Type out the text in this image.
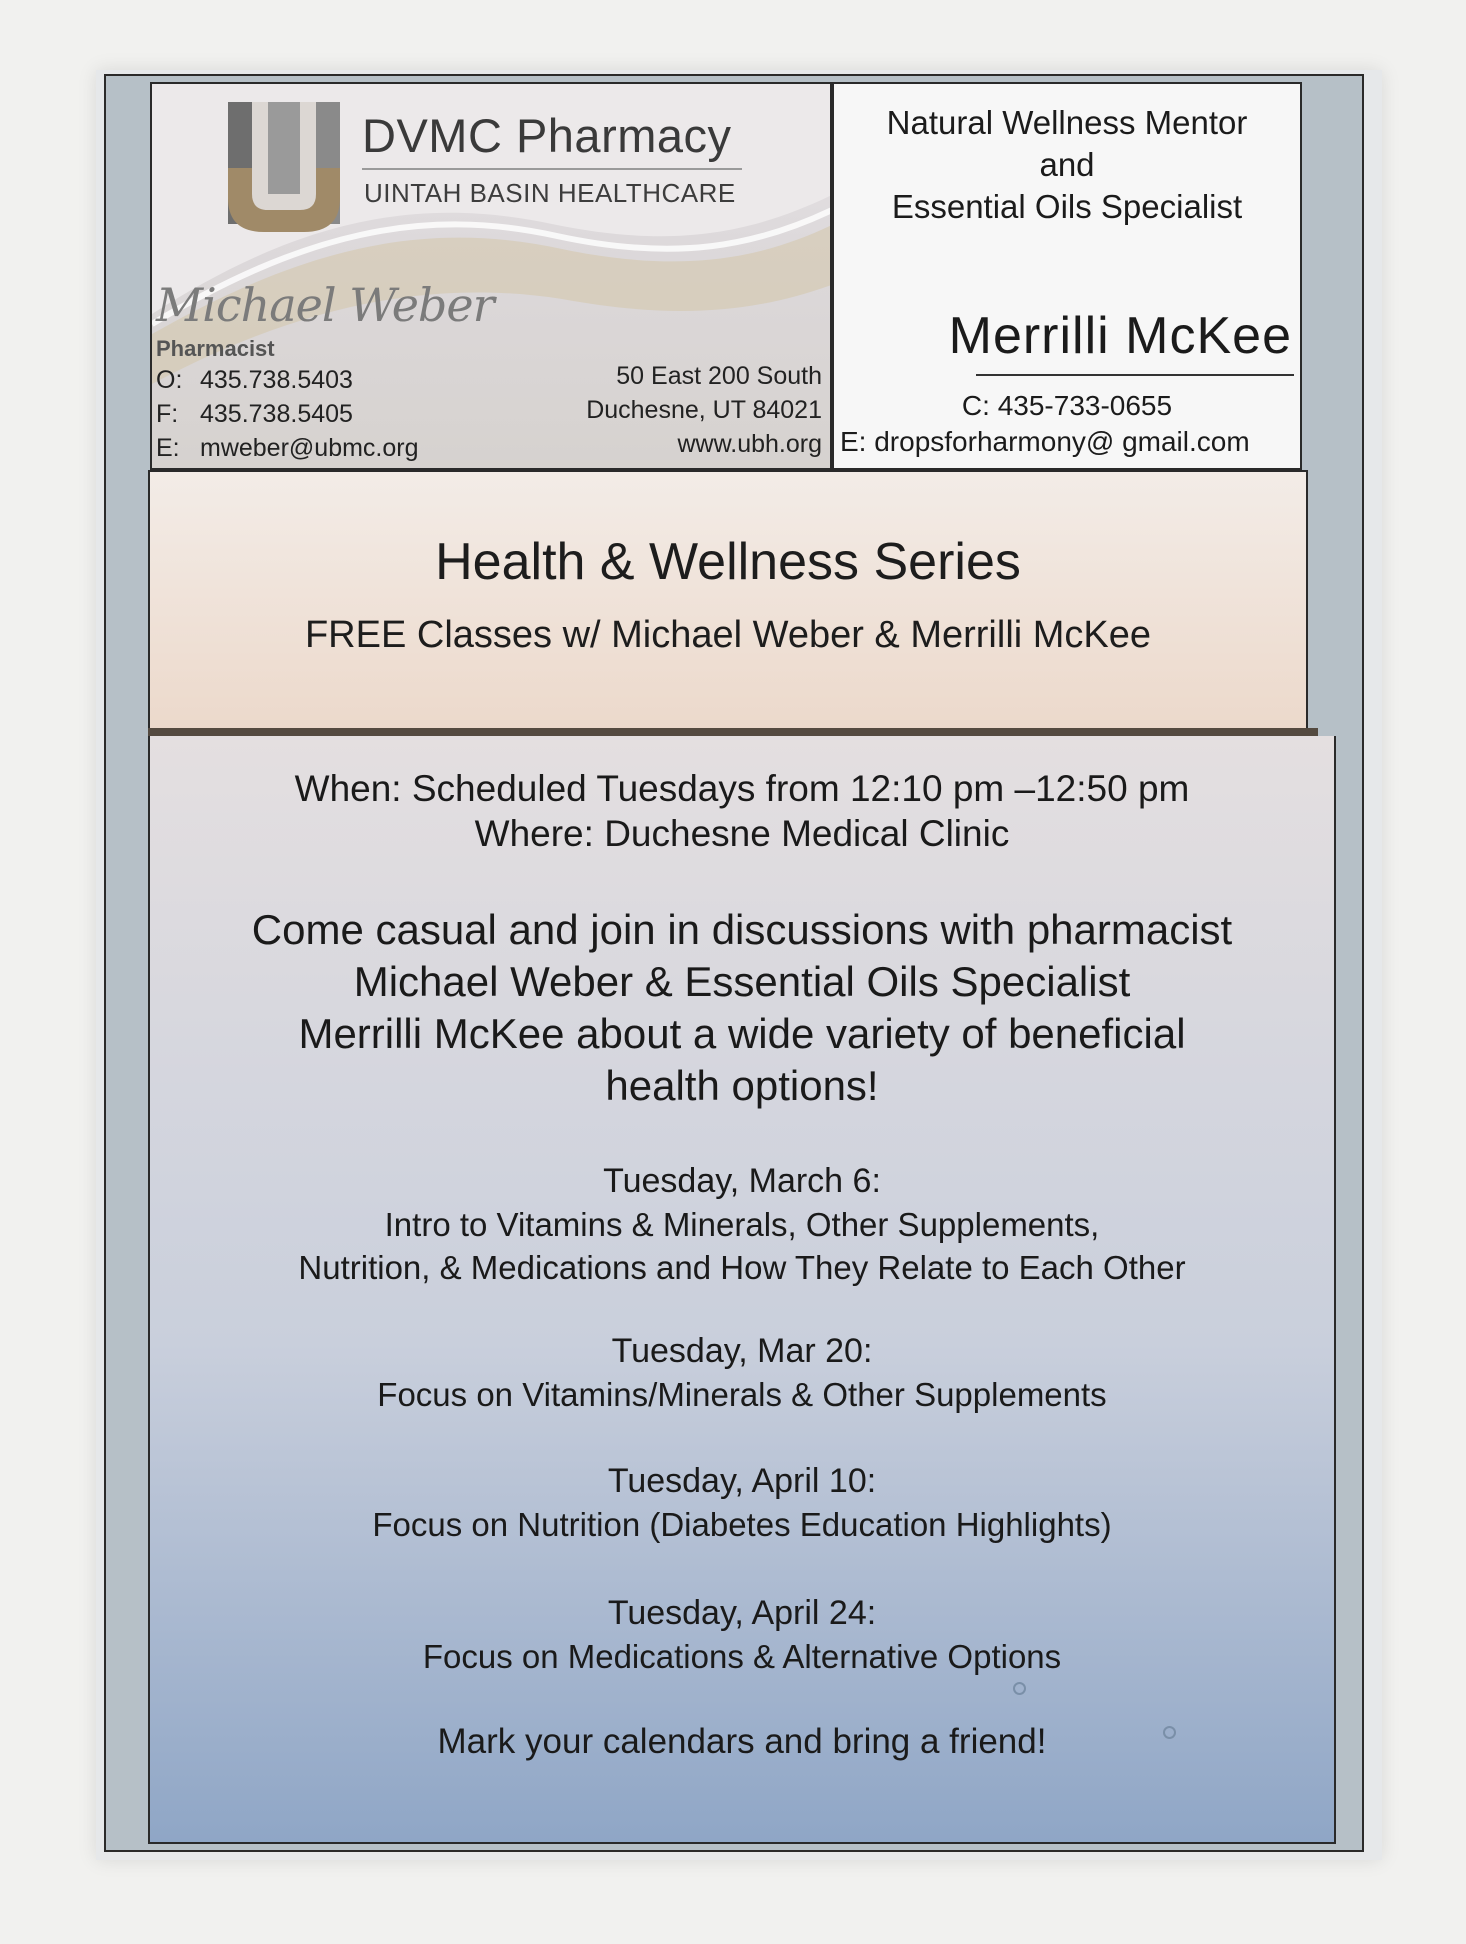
DVMC Pharmacy
UINTAH BASIN HEALTHCARE
Michael Weber
Pharmacist
O: 435.738.5403
F: 435.738.5405
E: mweber@ubmc.org
50 East 200 South
Duchesne, UT 84021
www.ubh.org
Natural Wellness Mentor
and
Essential Oils Specialist
Merrilli McKee
C: 435-733-0655
E: dropsforharmony@ gmail.com
Health & Wellness Series
FREE Classes w/ Michael Weber & Merrilli McKee
When: Scheduled Tuesdays from 12:10 pm –12:50 pm
Where: Duchesne Medical Clinic
Come casual and join in discussions with pharmacist
Michael Weber & Essential Oils Specialist
Merrilli McKee about a wide variety of beneficial
health options!
Tuesday, March 6:
Intro to Vitamins & Minerals, Other Supplements,
Nutrition, & Medications and How They Relate to Each Other
Tuesday, Mar 20:
Focus on Vitamins/Minerals & Other Supplements
Tuesday, April 10:
Focus on Nutrition (Diabetes Education Highlights)
Tuesday, April 24:
Focus on Medications & Alternative Options
Mark your calendars and bring a friend!
